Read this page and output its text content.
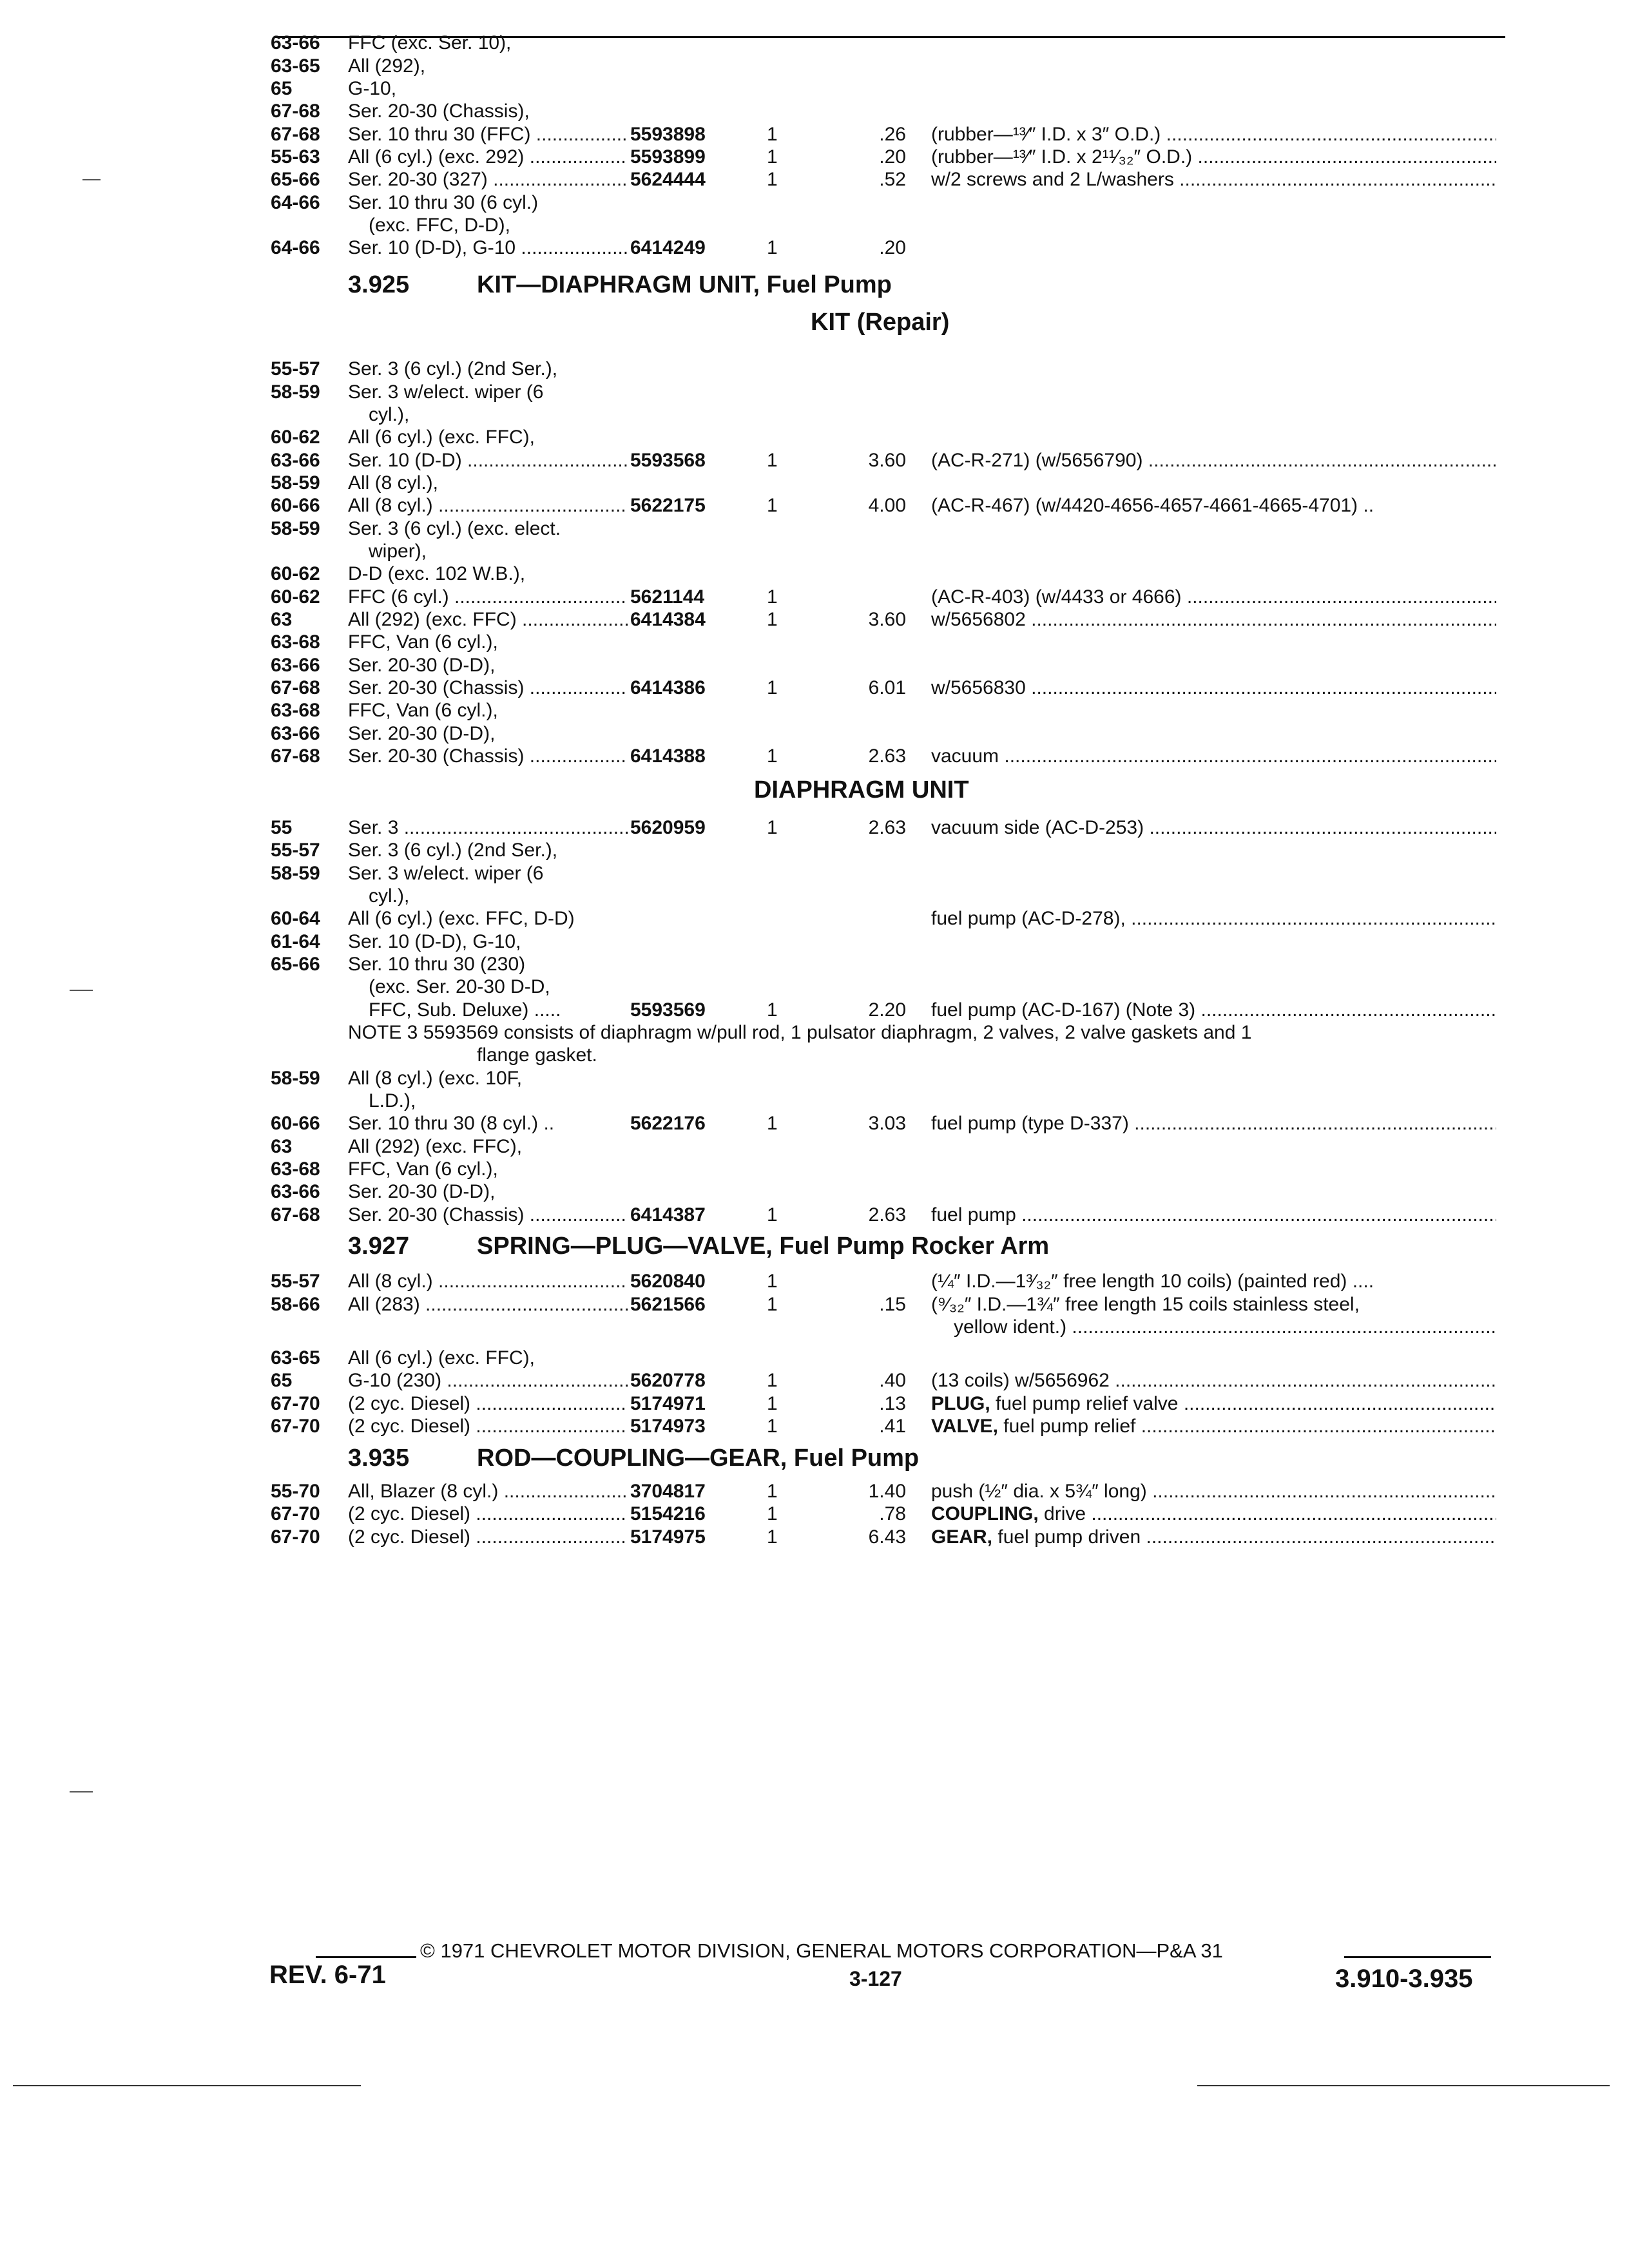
63-66 FFC (exc. Ser. 10),
63-65 All (292),
65	G-10,
67-68 Ser. 20-30 (Chassis),
67-68 Ser. 10 thru 30 (FFC) .....	5593898	1	.26 (rubber—¹³⁄″ I.D. x 3″ O.D.) .....
55-63 All (6 cyl.) (exc. 292) .....	5593899	1	.20 (rubber—¹³⁄″ I.D. x 2¹¹⁄₃₂″ O.D.) .....
65-66 Ser. 20-30 (327) .....	5624444	1	.52 w/2 screws and 2 L/washers .....
64-66 Ser. 10 thru 30 (6 cyl.)
(exc. FFC, D-D),
64-66 Ser. 10 (D-D), G-10 .....	6414249	1	.20
3.925	KIT—DIAPHRAGM UNIT, Fuel Pump
KIT (Repair)
55-57 Ser. 3 (6 cyl.) (2nd Ser.),
58-59 Ser. 3 w/elect. wiper (6
cyl.),
60-62 All (6 cyl.) (exc. FFC),
63-66 Ser. 10 (D-D) .....	5593568	1	3.60 (AC-R-271) (w/5656790) .....
58-59 All (8 cyl.),
60-66 All (8 cyl.) .....	5622175	1	4.00 (AC-R-467) (w/4420-4656-4657-4661-4665-4701) ..
58-59 Ser. 3 (6 cyl.) (exc. elect.
wiper),
60-62 D-D (exc. 102 W.B.),
60-62 FFC (6 cyl.) .....	5621144	1	(AC-R-403) (w/4433 or 4666) .....
63	All (292) (exc. FFC) .....	6414384	1	3.60 w/5656802 .....
63-68 FFC, Van (6 cyl.),
63-66 Ser. 20-30 (D-D),
67-68 Ser. 20-30 (Chassis) .....	6414386	1	6.01 w/5656830 .....
63-68 FFC, Van (6 cyl.),
63-66 Ser. 20-30 (D-D),
67-68 Ser. 20-30 (Chassis) .....	6414388	1	2.63 vacuum .....
DIAPHRAGM UNIT
55	Ser. 3 .....	5620959	1	2.63 vacuum side (AC-D-253) .....
55-57 Ser. 3 (6 cyl.) (2nd Ser.),
58-59 Ser. 3 w/elect. wiper (6
cyl.),
60-64 All (6 cyl.) (exc. FFC, D-D)	fuel pump (AC-D-278), .....
61-64 Ser. 10 (D-D), G-10,
65-66 Ser. 10 thru 30 (230)
(exc. Ser. 20-30 D-D,
FFC, Sub. Deluxe) .....	5593569	1	2.20 fuel pump (AC-D-167) (Note 3) .....
NOTE 3 5593569 consists of diaphragm w/pull rod, 1 pulsator diaphragm, 2 valves, 2 valve gaskets and 1
flange gasket.
58-59 All (8 cyl.) (exc. 10F,
L.D.),
60-66 Ser. 10 thru 30 (8 cyl.) ..	5622176	1	3.03 fuel pump (type D-337) .....
63	All (292) (exc. FFC),
63-68 FFC, Van (6 cyl.),
63-66 Ser. 20-30 (D-D),
67-68 Ser. 20-30 (Chassis) .....	6414387	1	2.63 fuel pump .....
3.927	SPRING—PLUG—VALVE, Fuel Pump Rocker Arm
55-57 All (8 cyl.) .....	5620840	1	(¼″ I.D.—1³⁄₃₂″ free length 10 coils) (painted red) ....
58-66 All (283) .....	5621566	1	.15 (⁹⁄₃₂″ I.D.—1¾″ free length 15 coils stainless steel,
yellow ident.) .....
63-65 All (6 cyl.) (exc. FFC),
65	G-10 (230) .....	5620778	1	.40 (13 coils) w/5656962 .....
67-70 (2 cyc. Diesel) .....	5174971	1	.13 PLUG, fuel pump relief valve .....
67-70 (2 cyc. Diesel) .....	5174973	1	.41 VALVE, fuel pump relief .....
3.935	ROD—COUPLING—GEAR, Fuel Pump
55-70 All, Blazer (8 cyl.) .....	3704817	1	1.40 push (½″ dia. x 5¾″ long) .....
67-70 (2 cyc. Diesel) .....	5154216	1	.78 COUPLING, drive .....
67-70 (2 cyc. Diesel) .....	5174975	1	6.43 GEAR, fuel pump driven .....
© 1971 CHEVROLET MOTOR DIVISION, GENERAL MOTORS CORPORATION—P&A 31
REV. 6-71	3-127	3.910-3.935
